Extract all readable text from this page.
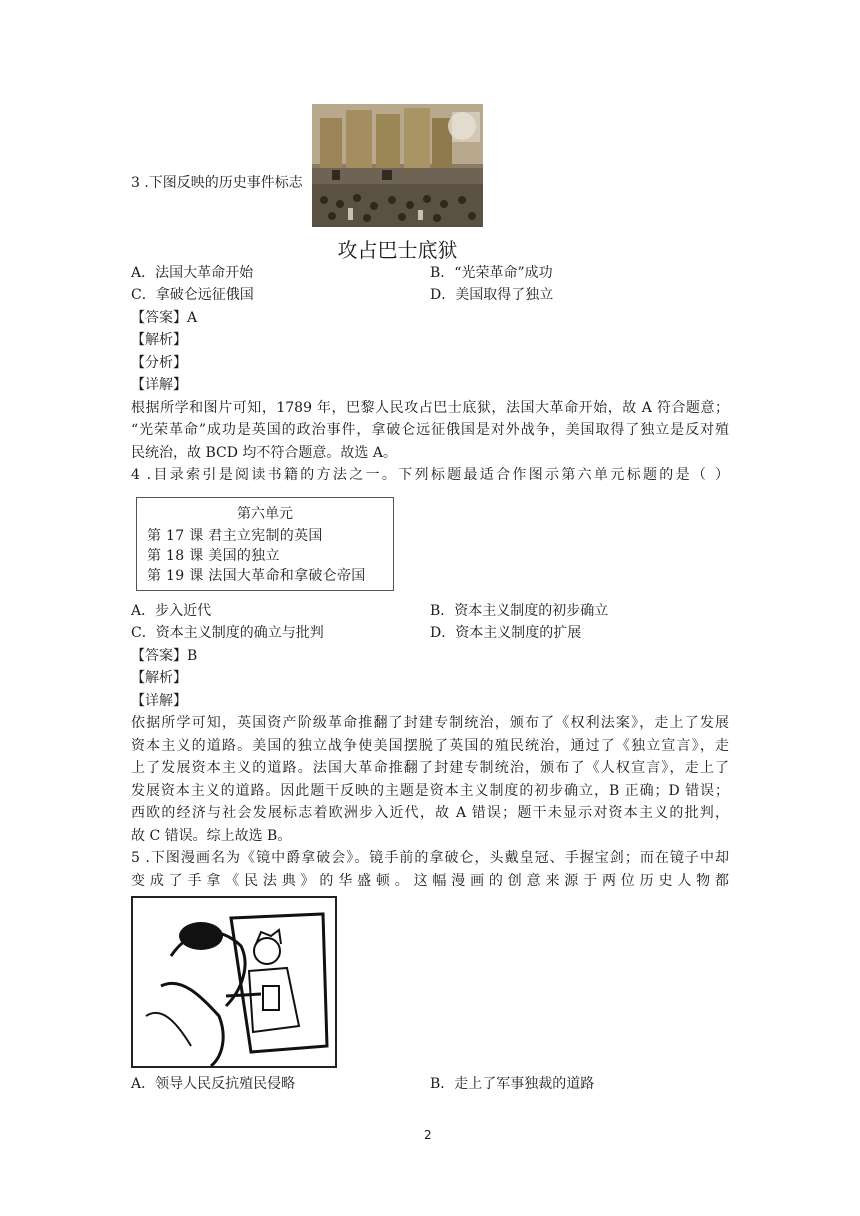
3 .下图反映的历史事件标志
攻占巴士底狱
A．法国大革命开始	B．“光荣革命”成功
C．拿破仑远征俄国	D．美国取得了独立
【答案】A
【解析】
【分析】
【详解】
根据所学和图片可知，1789 年，巴黎人民攻占巴士底狱，法国大革命开始，故 A 符合题意；
“光荣革命”成功是英国的政治事件，拿破仑远征俄国是对外战争，美国取得了独立是反对殖
民统治，故 BCD 均不符合题意。故选 A。
4 .目录索引是阅读书籍的方法之一。下列标题最适合作图示第六单元标题的是（ ）
第六单元
第 17 课 君主立宪制的英国
第 18 课 美国的独立
第 19 课 法国大革命和拿破仑帝国
A．步入近代	B．资本主义制度的初步确立
C．资本主义制度的确立与批判	D．资本主义制度的扩展
【答案】B
【解析】
【详解】
依据所学可知，英国资产阶级革命推翻了封建专制统治，颁布了《权利法案》，走上了发展
资本主义的道路。美国的独立战争使美国摆脱了英国的殖民统治，通过了《独立宣言》，走
上了发展资本主义的道路。法国大革命推翻了封建专制统治，颁布了《人权宣言》，走上了
发展资本主义的道路。因此题干反映的主题是资本主义制度的初步确立，B 正确；D 错误；
西欧的经济与社会发展标志着欧洲步入近代，故 A 错误；题干未显示对资本主义的批判，
故 C 错误。综上故选 B。
5 .下图漫画名为《镜中爵拿破会》。镜手前的拿破仑，头戴皇冠、手握宝剑；而在镜子中却
变成了手拿《民法典》的华盛顿。这幅漫画的创意来源于两位历史人物都
A．领导人民反抗殖民侵略	B．走上了军事独裁的道路
2
